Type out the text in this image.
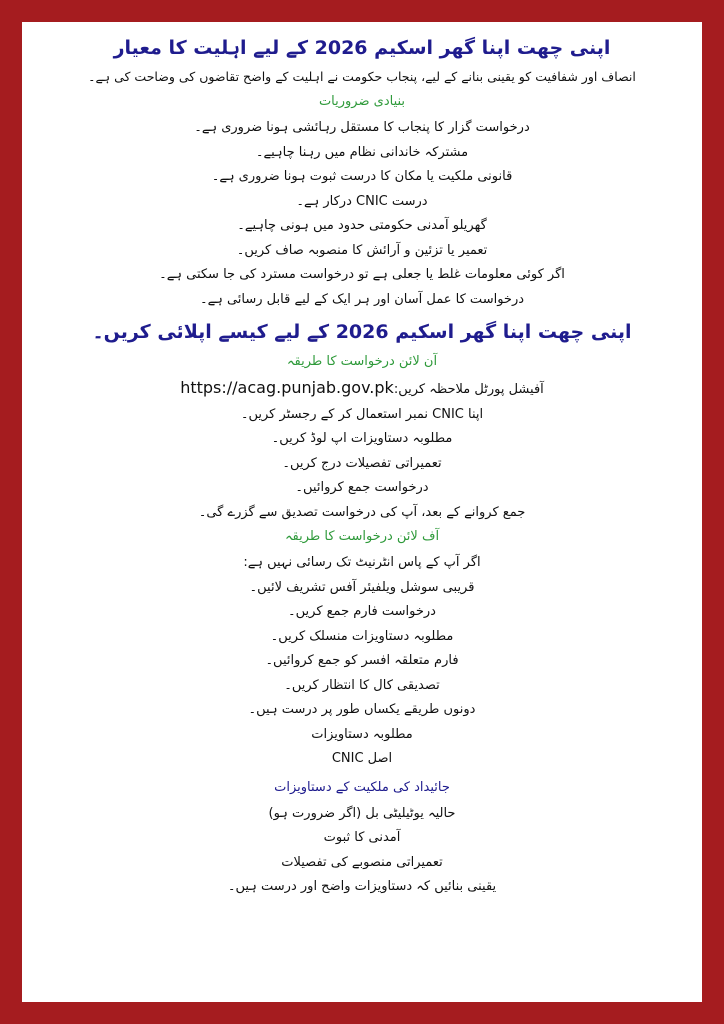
اپنی چھت اپنا گھر اسکیم 2026 کے لیے اہلیت کا معیار
انصاف اور شفافیت کو یقینی بنانے کے لیے، پنجاب حکومت نے اہلیت کے واضح تقاضوں کی وضاحت کی ہے۔
بنیادی ضروریات
درخواست گزار کا پنجاب کا مستقل رہائشی ہونا ضروری ہے۔
مشترکہ خاندانی نظام میں رہنا چاہیے۔
قانونی ملکیت یا مکان کا درست ثبوت ہونا ضروری ہے۔
درست CNIC درکار ہے۔
گھریلو آمدنی حکومتی حدود میں ہونی چاہیے۔
تعمیر یا تزئین و آرائش کا منصوبہ صاف کریں۔
اگر کوئی معلومات غلط یا جعلی ہے تو درخواست مسترد کی جا سکتی ہے۔
درخواست کا عمل آسان اور ہر ایک کے لیے قابل رسائی ہے۔
اپنی چھت اپنا گھر اسکیم 2026 کے لیے کیسے اپلائی کریں۔
آن لائن درخواست کا طریقہ
آفیشل پورٹل ملاحظہ کریں:https://acag.punjab.gov.pk
اپنا CNIC نمبر استعمال کر کے رجسٹر کریں۔
مطلوبہ دستاویزات اپ لوڈ کریں۔
تعمیراتی تفصیلات درج کریں۔
درخواست جمع کروائیں۔
جمع کروانے کے بعد، آپ کی درخواست تصدیق سے گزرے گی۔
آف لائن درخواست کا طریقہ
اگر آپ کے پاس انٹرنیٹ تک رسائی نہیں ہے:
قریبی سوشل ویلفیئر آفس تشریف لائیں۔
درخواست فارم جمع کریں۔
مطلوبہ دستاویزات منسلک کریں۔
فارم متعلقہ افسر کو جمع کروائیں۔
تصدیقی کال کا انتظار کریں۔
دونوں طریقے یکساں طور پر درست ہیں۔
مطلوبہ دستاویزات
اصل CNIC
جائیداد کی ملکیت کے دستاویزات
حالیہ یوٹیلیٹی بل (اگر ضرورت ہو)
آمدنی کا ثبوت
تعمیراتی منصوبے کی تفصیلات
یقینی بنائیں کہ دستاویزات واضح اور درست ہیں۔
